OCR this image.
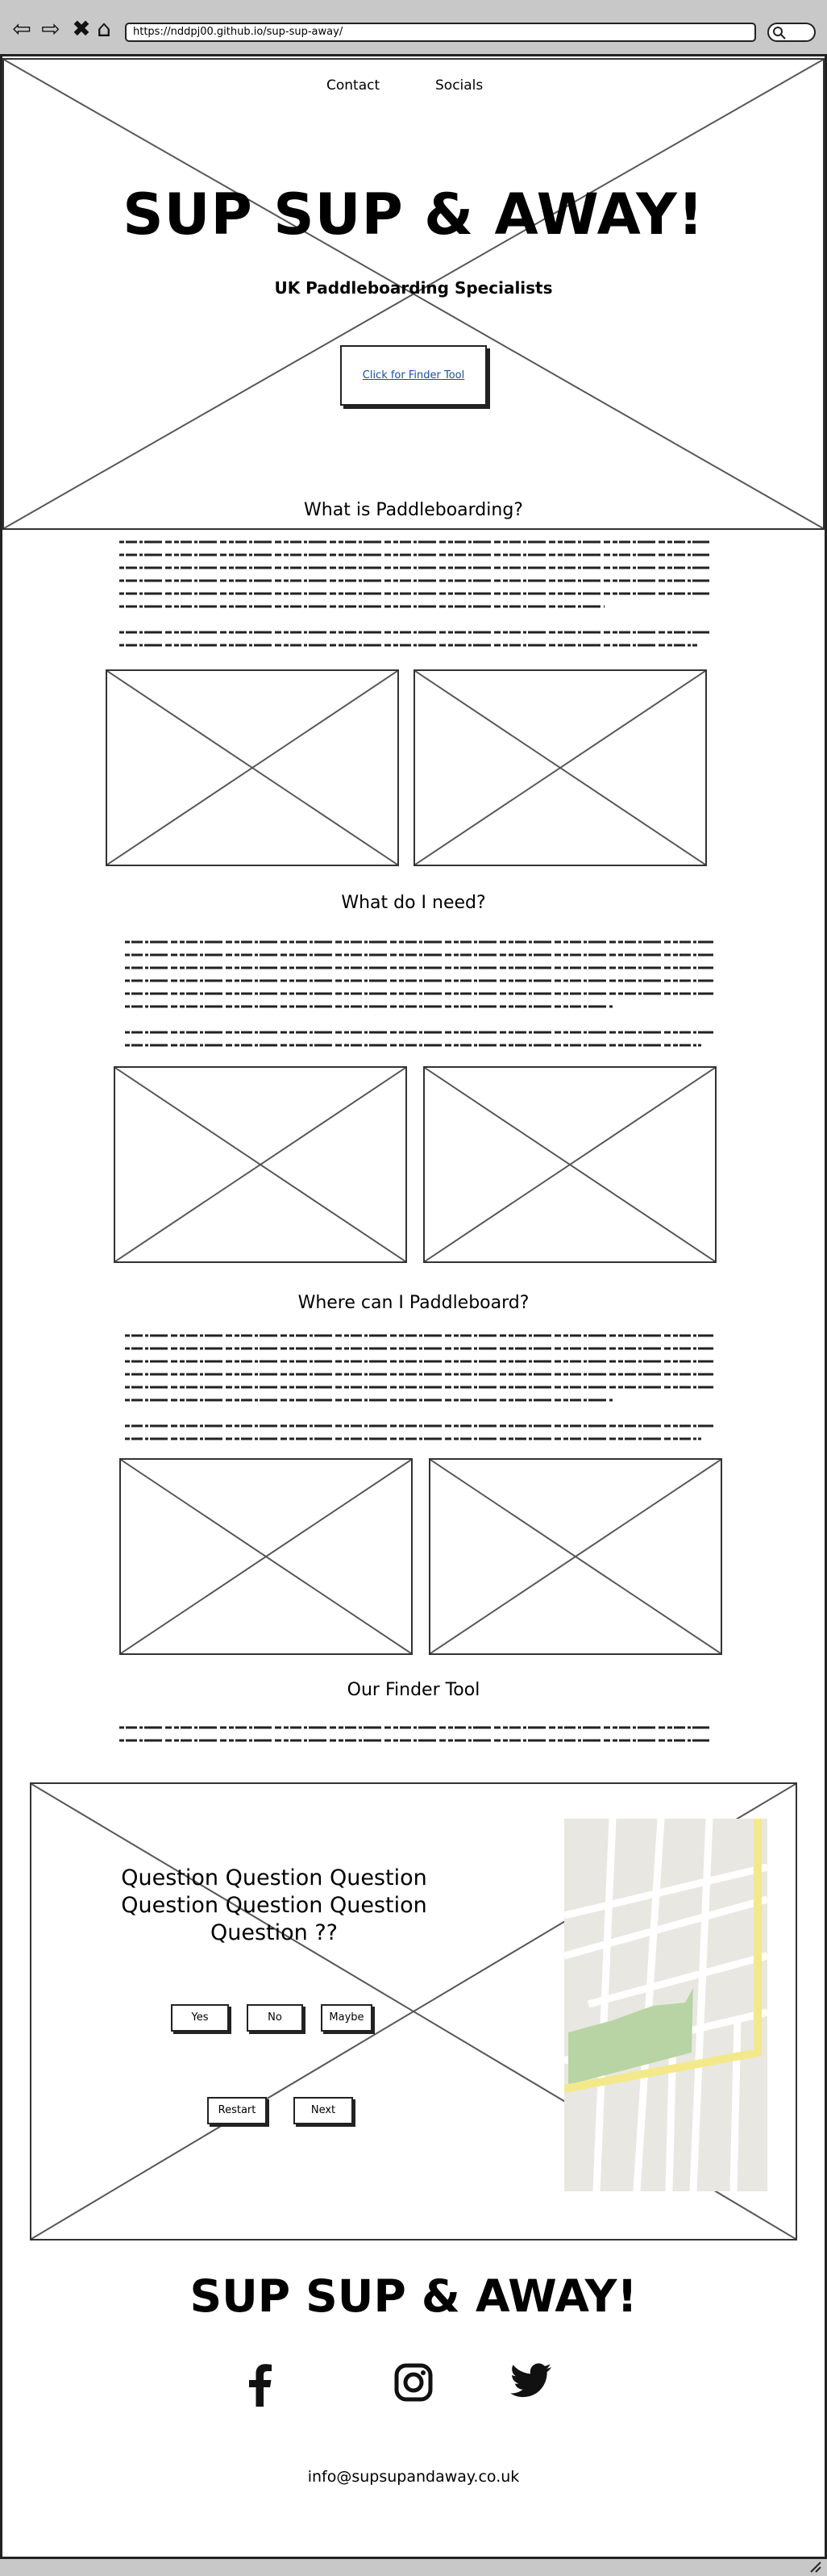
⇦ ⇨ ✖ ⌂	https://nddpj00.github.io/sup-sup-away/
Contact	Socials
SUP SUP & AWAY!
UK Paddleboarding Specialists
Click for Finder Tool
What is Paddleboarding?
What do I need?
Where can I Paddleboard?
Our Finder Tool
Question Question Question
Question Question Question
Question ??
Yes	No	Maybe
Restart	Next
SUP SUP & AWAY!
info@supsupandaway.co.uk
